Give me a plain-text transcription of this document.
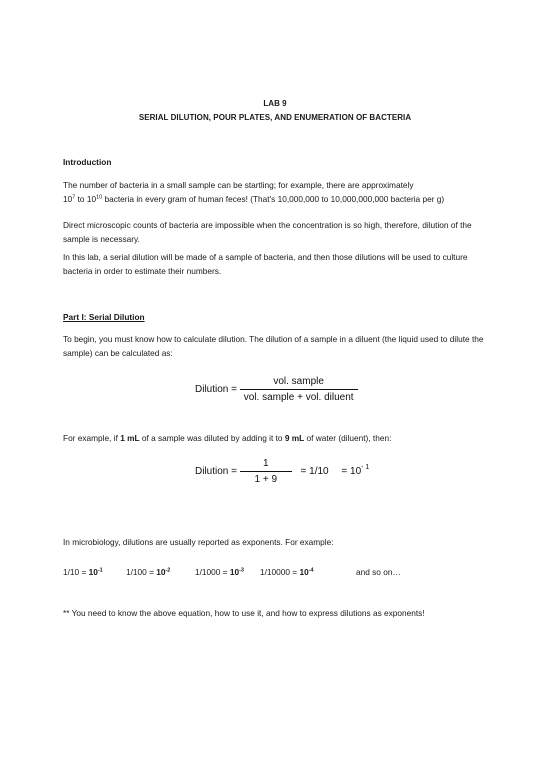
LAB 9
SERIAL DILUTION, POUR PLATES, AND ENUMERATION OF BACTERIA
Introduction
The number of bacteria in a small sample can be startling; for example, there are approximately
$10^7$ to $10^{10}$ bacteria in every gram of human feces! (That's 10,000,000 to 10,000,000,000 bacteria per g)
Direct microscopic counts of bacteria are impossible when the concentration is so high, therefore, dilution of the sample is necessary.
In this lab, a serial dilution will be made of a sample of bacteria, and then those dilutions will be used to culture bacteria in order to estimate their numbers.
Part I: Serial Dilution
To begin, you must know how to calculate dilution. The dilution of a sample in a diluent (the liquid used to dilute the sample) can be calculated as:
Dilution = $\frac{\text{vol. sample}}{\text{vol. sample + vol. diluent}}$
For example, if 1 mL of a sample was diluted by adding it to 9 mL of water (diluent), then:
Dilution = $\frac{1}{1 + 9} = 1/10 = 10^{- 1}$
In microbiology, dilutions are usually reported as exponents. For example:
$1/10 = 10^{-1}$	$1/100 = 10^{-2}$	$1/1000 = 10^{-3}$ $1/10000 = 10^{-4}$	and so on…
** You need to know the above equation, how to use it, and how to express dilutions as exponents!
